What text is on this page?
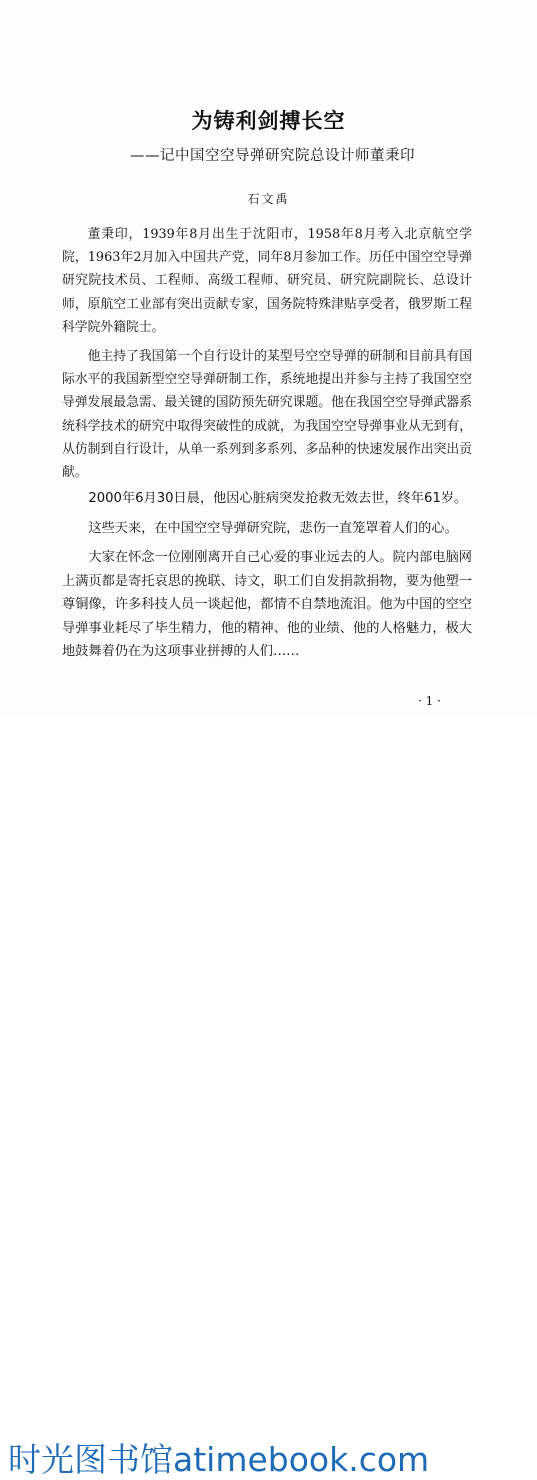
为铸利剑搏长空
——记中国空空导弹研究院总设计师董秉印
石文禹

董秉印，1939年8月出生于沈阳市，1958年8月考入北京航空学院，1963年2月加入中国共产党，同年8月参加工作。历任中国空空导弹研究院技术员、工程师、高级工程师、研究员、研究院副院长、总设计师，原航空工业部有突出贡献专家，国务院特殊津贴享受者，俄罗斯工程科学院外籍院士。

他主持了我国第一个自行设计的某型号空空导弹的研制和目前具有国际水平的我国新型空空导弹研制工作，系统地提出并参与主持了我国空空导弹发展最急需、最关键的国防预先研究课题。他在我国空空导弹武器系统科学技术的研究中取得突破性的成就，为我国空空导弹事业从无到有，从仿制到自行设计，从单一系列到多系列、多品种的快速发展作出突出贡献。

2000年6月30日晨，他因心脏病突发抢救无效去世，终年61岁。

这些天来，在中国空空导弹研究院，悲伤一直笼罩着人们的心。

大家在怀念一位刚刚离开自己心爱的事业远去的人。院内部电脑网上满页都是寄托哀思的挽联、诗文，职工们自发捐款捐物，要为他塑一尊铜像，许多科技人员一谈起他，都情不自禁地流泪。他为中国的空空导弹事业耗尽了毕生精力，他的精神、他的业绩、他的人格魅力，极大地鼓舞着仍在为这项事业拼搏的人们……

· 1 ·
时光图书馆atimebook.com
